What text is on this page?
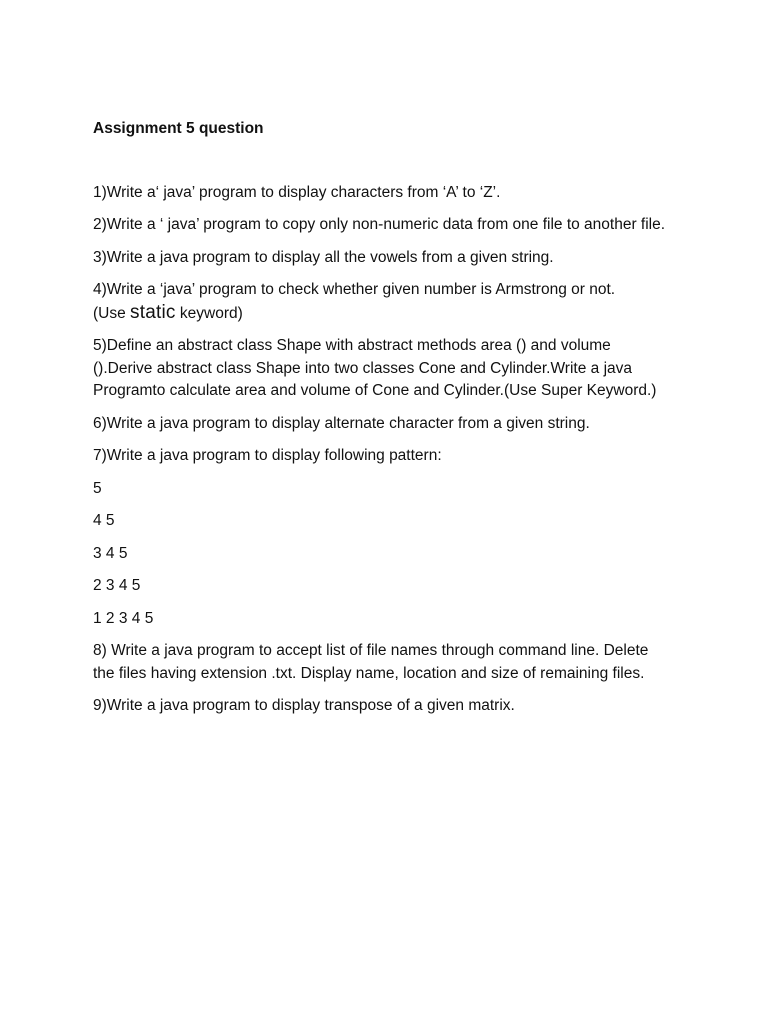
Assignment 5 question
1)Write a‘ java’ program to display characters from ‘A’ to ‘Z’.
2)Write a ‘ java’ program to copy only non-numeric data from one file to another file.
3)Write a java program to display all the vowels from a given string.
4)Write a ‘java’ program to check whether given number is Armstrong or not.
(Use static keyword)
5)Define an abstract class Shape with abstract methods area () and volume ().Derive abstract class Shape into two classes Cone and Cylinder.Write a java Programto calculate area and volume of Cone and Cylinder.(Use Super Keyword.)
6)Write a java program to display alternate character from a given string.
7)Write a java program to display following pattern:
5
4 5
3 4 5
2 3 4 5
1 2 3 4 5
8) Write a java program to accept list of file names through command line. Delete the files having extension .txt. Display name, location and size of remaining files.
9)Write a java program to display transpose of a given matrix.
